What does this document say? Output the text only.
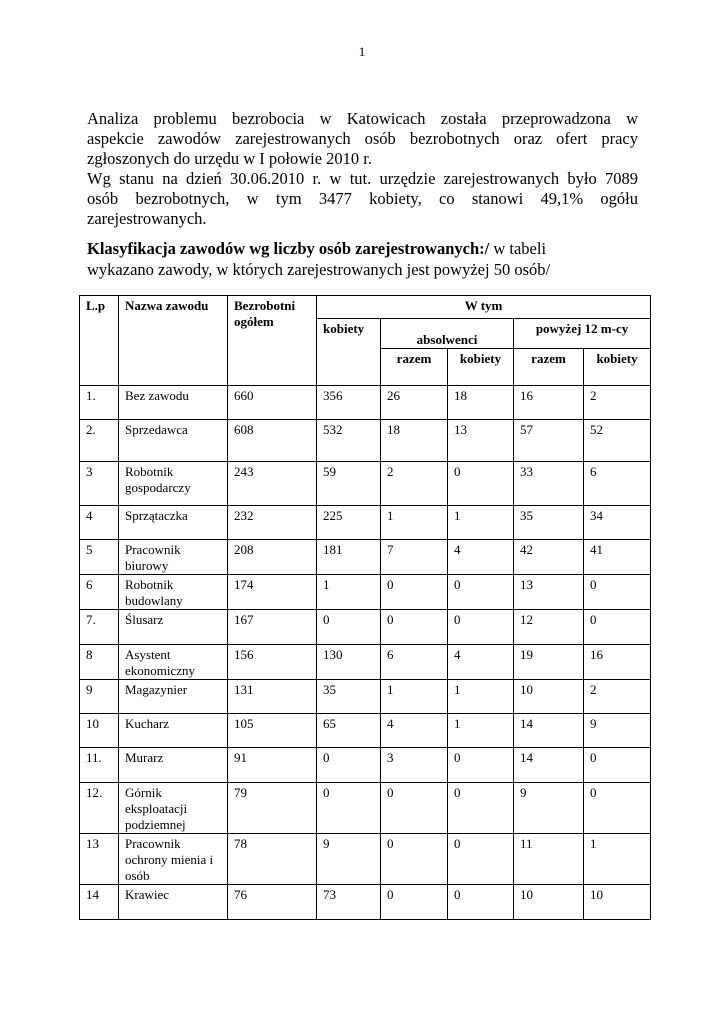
1
Analiza problemu bezrobocia w Katowicach została przeprowadzona w
aspekcie zawodów zarejestrowanych osób bezrobotnych oraz ofert pracy
zgłoszonych do urzędu w I połowie 2010 r.
Wg stanu na dzień 30.06.2010 r. w tut. urzędzie zarejestrowanych było 7089
osób bezrobotnych, w tym 3477 kobiety, co stanowi 49,1% ogółu
zarejestrowanych.
Klasyfikacja zawodów wg liczby osób zarejestrowanych:/ w tabeli
wykazano zawody, w których zarejestrowanych jest powyżej 50 osób/
L.p	Nazwa zawodu	Bezrobotni
ogółem	W tym				
			kobiety	absolwenci		powyżej 12 m-cy	
				razem	kobiety	razem	kobiety
1.	Bez zawodu	660	356	26	18	16	2
2.	Sprzedawca	608	532	18	13	57	52
3	Robotnik gospodarczy	243	59	2	0	33	6
4	Sprzątaczka	232	225	1	1	35	34
5	Pracownik biurowy	208	181	7	4	42	41
6	Robotnik budowlany	174	1	0	0	13	0
7.	Ślusarz	167	0	0	0	12	0
8	Asystent ekonomiczny	156	130	6	4	19	16
9	Magazynier	131	35	1	1	10	2
10	Kucharz	105	65	4	1	14	9
11.	Murarz	91	0	3	0	14	0
12.	Górnik eksploatacji podziemnej	79	0	0	0	9	0
13	Pracownik ochrony mienia i osób	78	9	0	0	11	1
14	Krawiec	76	73	0	0	10	10
